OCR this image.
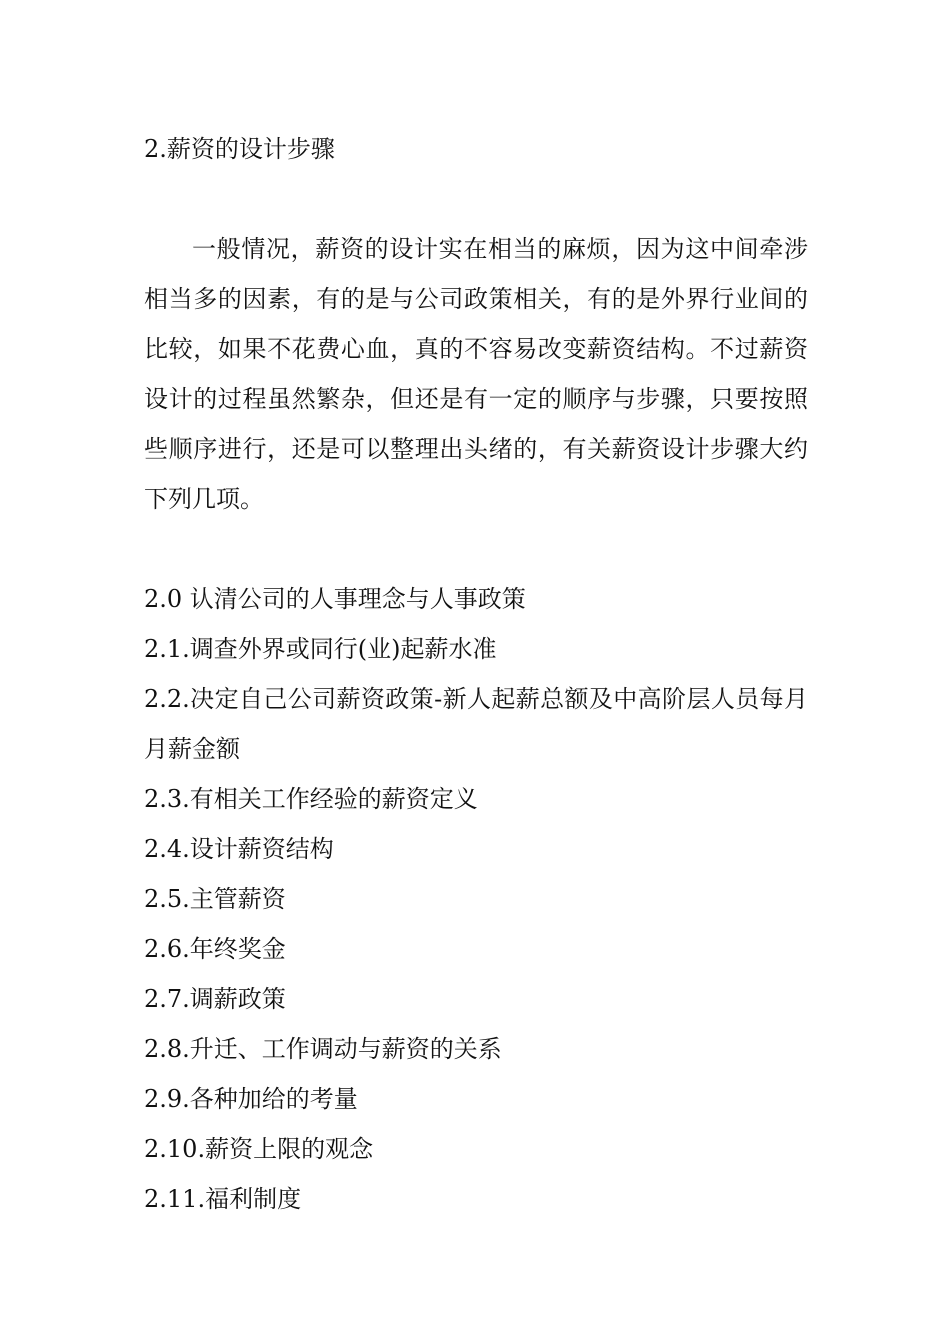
2.薪资的设计步骤

一般情况，薪资的设计实在相当的麻烦，因为这中间牵涉相当多的因素，有的是与公司政策相关，有的是外界行业间的比较，如果不花费心血，真的不容易改变薪资结构。不过薪资设计的过程虽然繁杂，但还是有一定的顺序与步骤，只要按照些顺序进行，还是可以整理出头绪的，有关薪资设计步骤大约下列几项。

2.0 认清公司的人事理念与人事政策
2.1.调查外界或同行(业)起薪水准
2.2.决定自己公司薪资政策-新人起薪总额及中高阶层人员每月月薪金额
2.3.有相关工作经验的薪资定义
2.4.设计薪资结构
2.5.主管薪资
2.6.年终奖金
2.7.调薪政策
2.8.升迁、工作调动与薪资的关系
2.9.各种加给的考量
2.10.薪资上限的观念
2.11.福利制度
